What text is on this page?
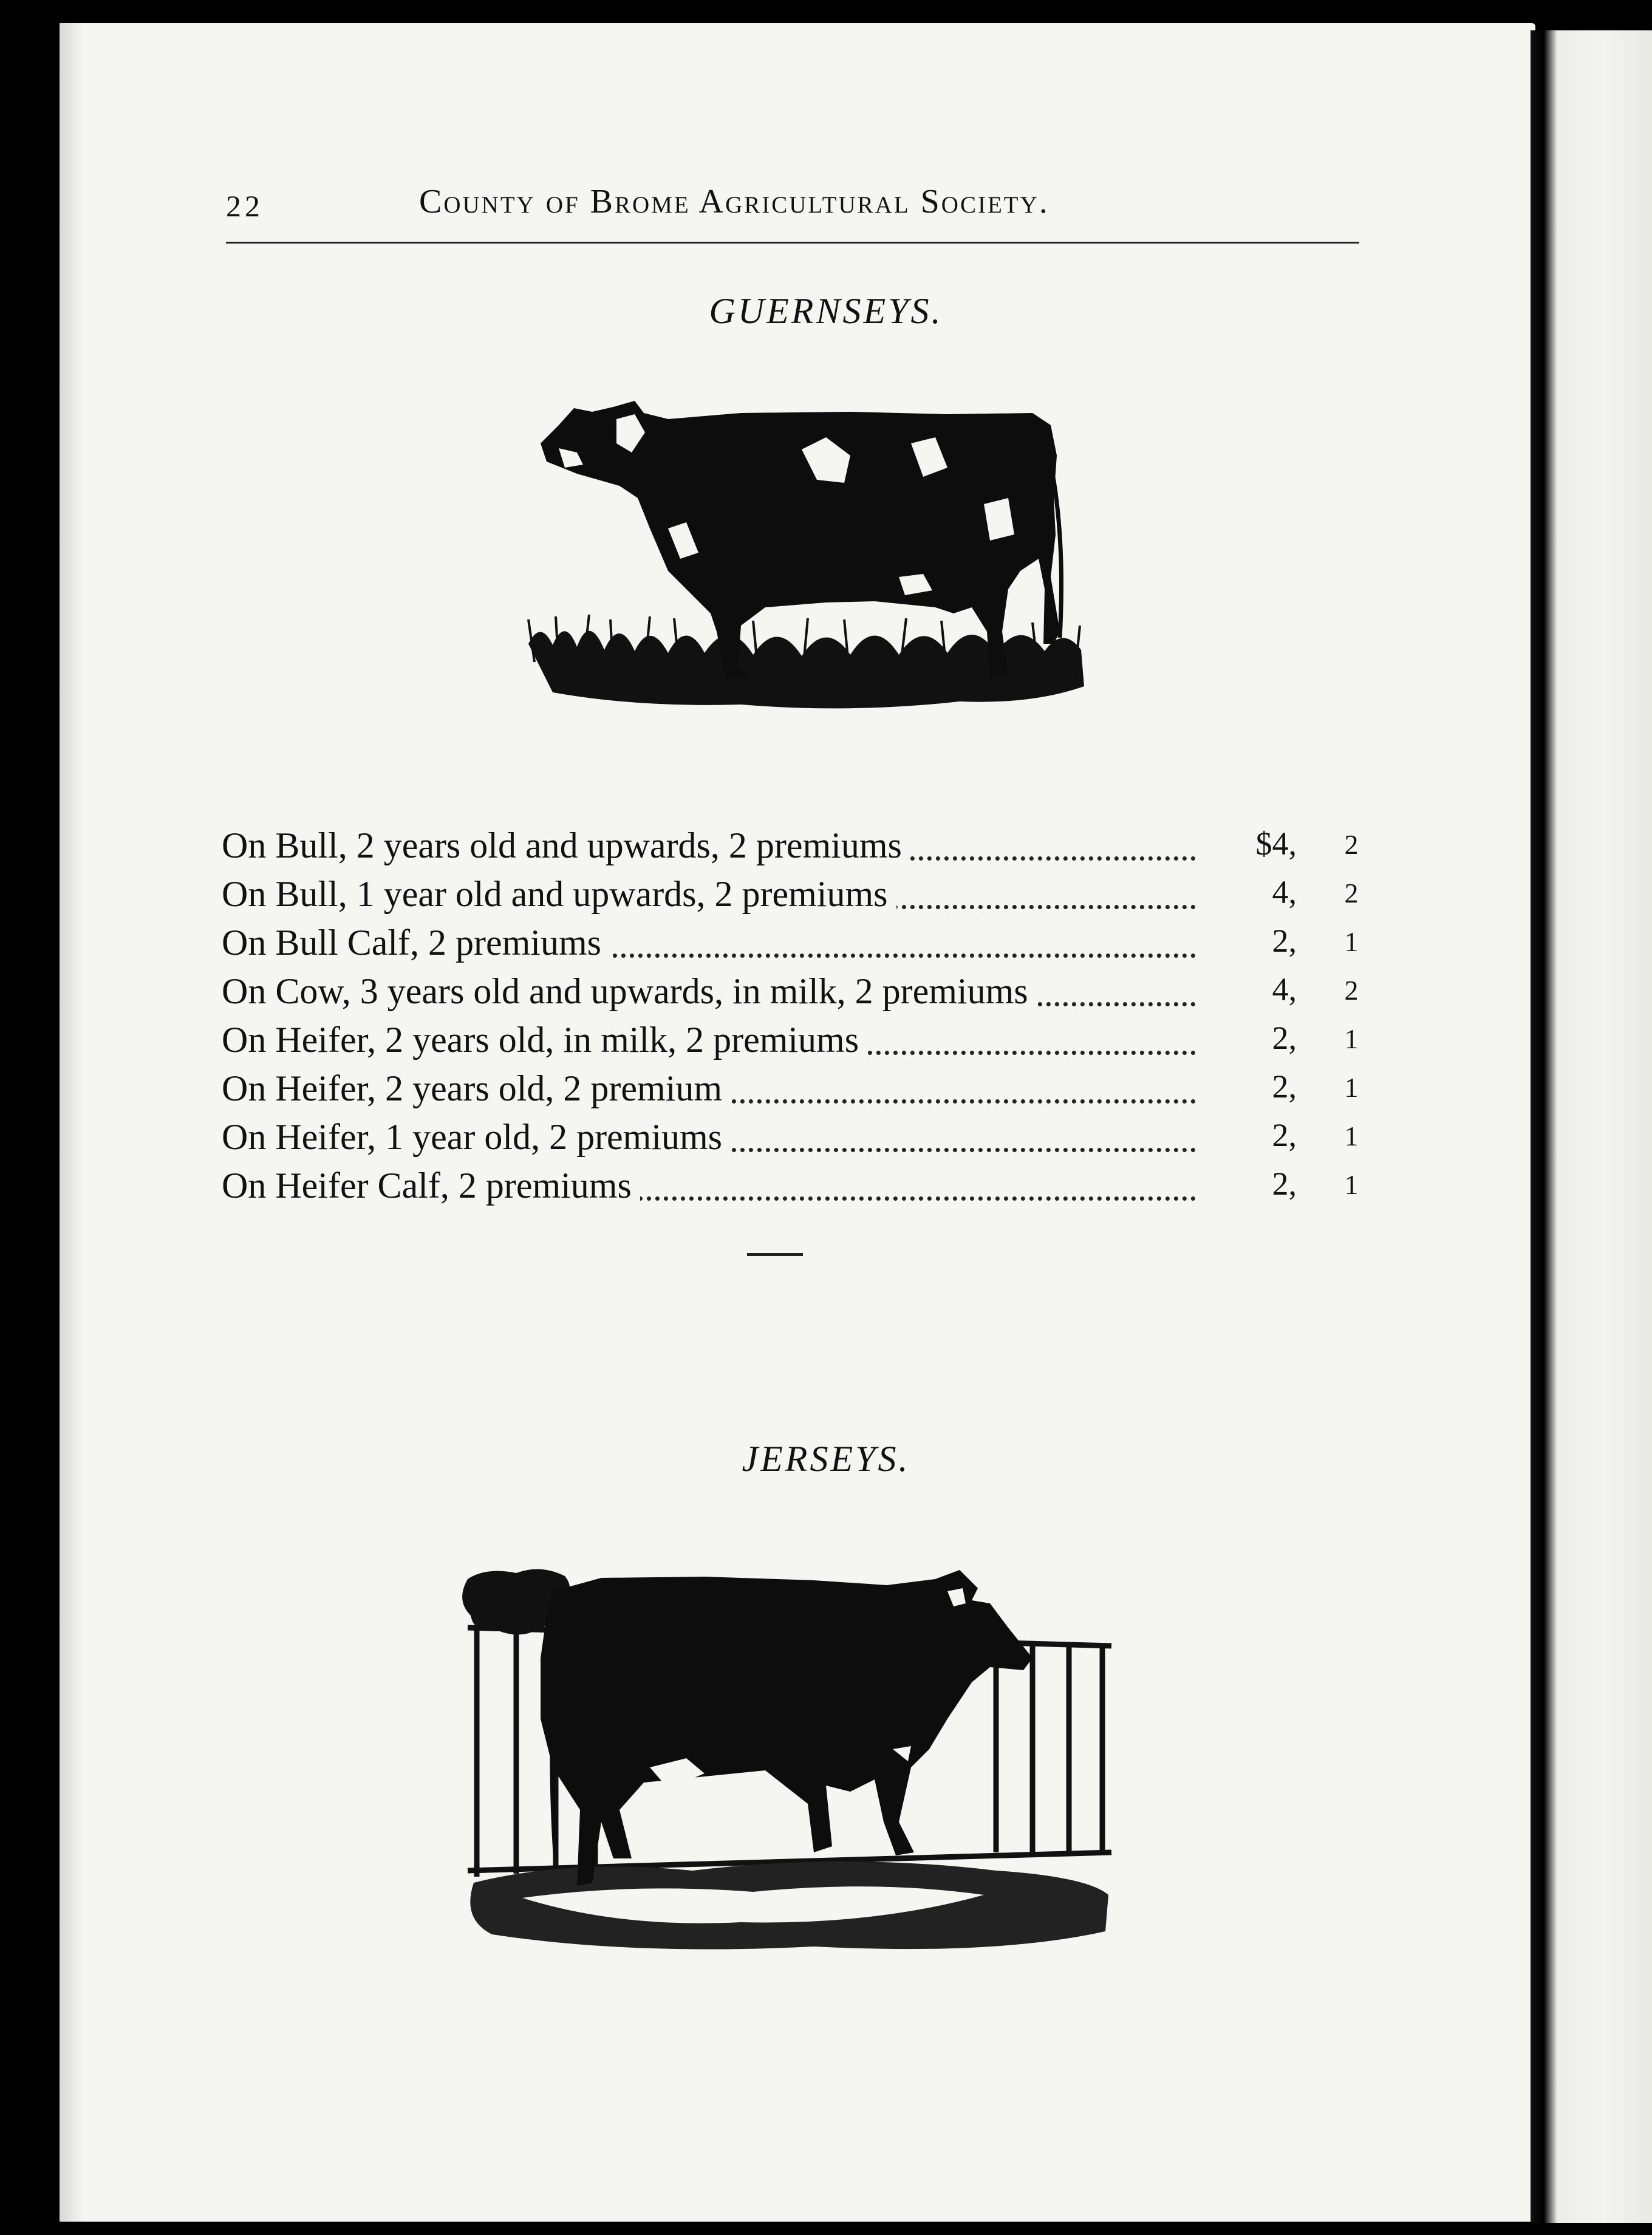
22	County of Brome Agricultural Society.
GUERNSEYS.
On Bull, 2 years old and upwards, 2 premiums	$4,	2
On Bull, 1 year old and upwards, 2 premiums	4,	2
On Bull Calf, 2 premiums	2,	1
On Cow, 3 years old and upwards, in milk, 2 premiums	4,	2
On Heifer, 2 years old, in milk, 2 premiums	2,	1
On Heifer, 2 years old, 2 premium	2,	1
On Heifer, 1 year old, 2 premiums	2,	1
On Heifer Calf, 2 premiums	2,	1
JERSEYS.
